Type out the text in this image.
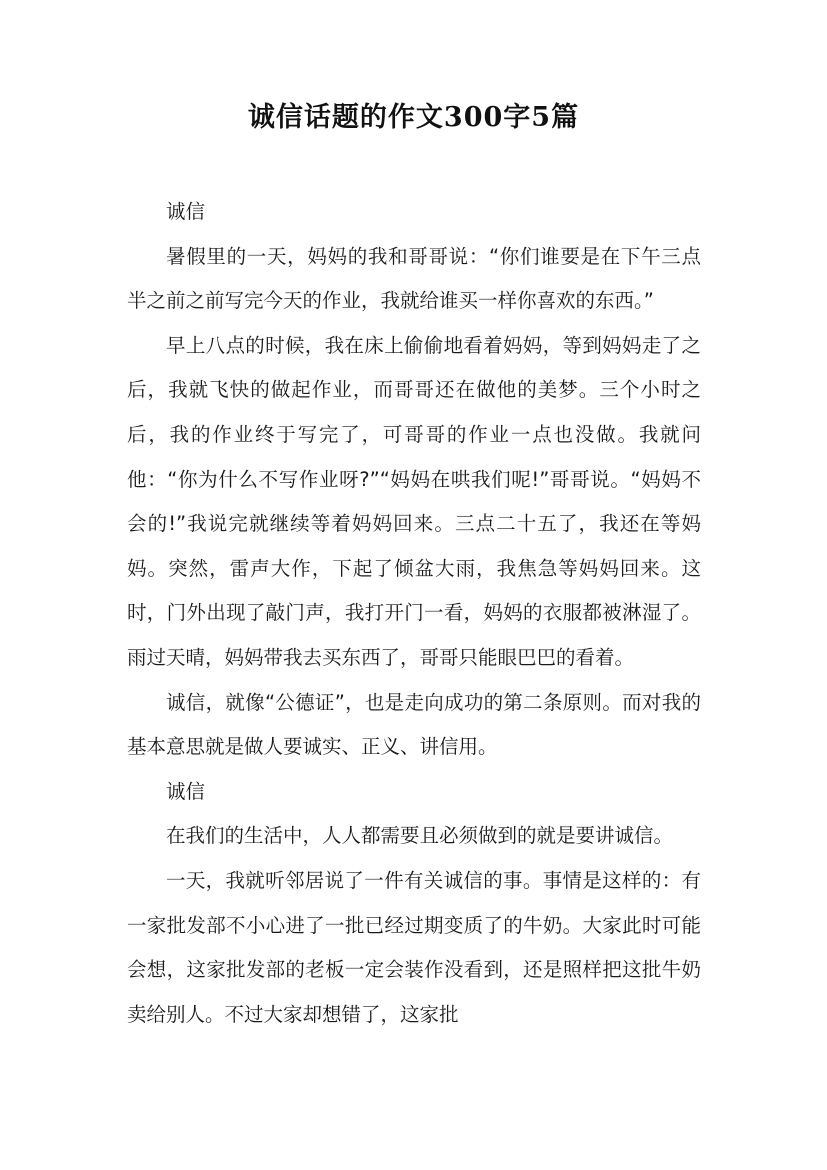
诚信话题的作文300字5篇

诚信

暑假里的一天，妈妈的我和哥哥说：“你们谁要是在下午三点半之前之前写完今天的作业，我就给谁买一样你喜欢的东西。”

早上八点的时候，我在床上偷偷地看着妈妈，等到妈妈走了之后，我就飞快的做起作业，而哥哥还在做他的美梦。三个小时之后，我的作业终于写完了，可哥哥的作业一点也没做。我就问他：“你为什么不写作业呀?”“妈妈在哄我们呢!”哥哥说。“妈妈不会的!”我说完就继续等着妈妈回来。三点二十五了，我还在等妈妈。突然，雷声大作，下起了倾盆大雨，我焦急等妈妈回来。这时，门外出现了敲门声，我打开门一看，妈妈的衣服都被淋湿了。雨过天晴，妈妈带我去买东西了，哥哥只能眼巴巴的看着。

诚信，就像“公德证”，也是走向成功的第二条原则。而对我的基本意思就是做人要诚实、正义、讲信用。

诚信

在我们的生活中，人人都需要且必须做到的就是要讲诚信。

一天，我就听邻居说了一件有关诚信的事。事情是这样的：有一家批发部不小心进了一批已经过期变质了的牛奶。大家此时可能会想，这家批发部的老板一定会装作没看到，还是照样把这批牛奶卖给别人。不过大家却想错了，这家批
